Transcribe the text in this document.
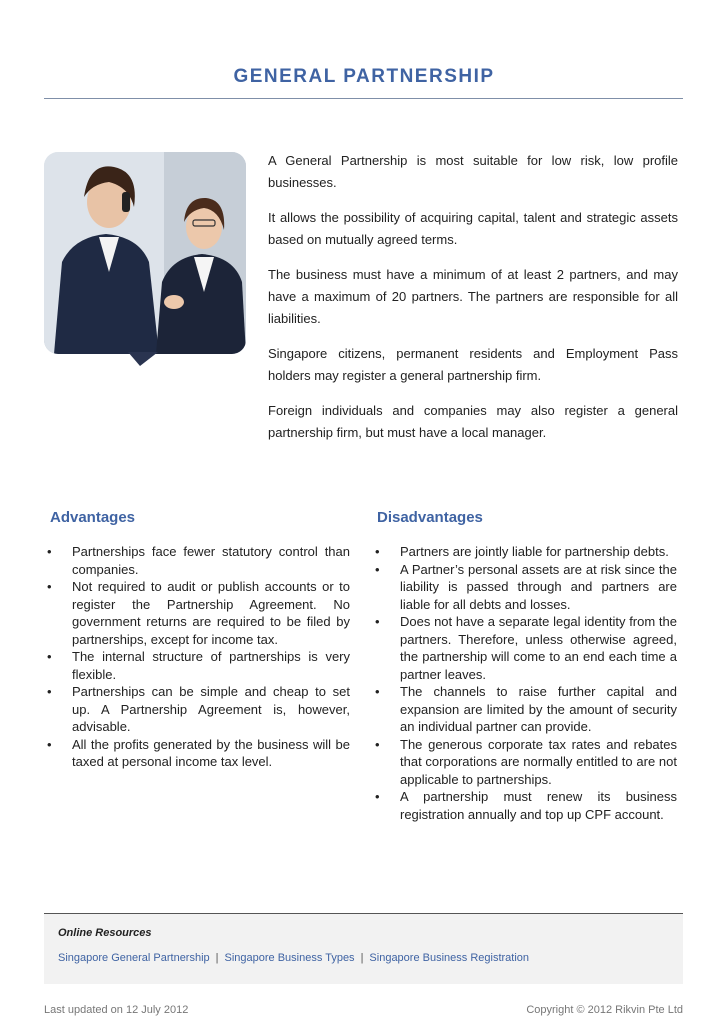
GENERAL PARTNERSHIP

A General Partnership is most suitable for low risk, low profile businesses.

It allows the possibility of acquiring capital, talent and strategic assets based on mutually agreed terms.

The business must have a minimum of at least 2 partners, and may have a maximum of 20 partners. The partners are responsible for all liabilities.

Singapore citizens, permanent residents and Employment Pass holders may register a general partnership firm.

Foreign individuals and companies may also register a general partnership firm, but must have a local manager.

Advantages
• Partnerships face fewer statutory control than companies.
• Not required to audit or publish accounts or to register the Partnership Agreement. No government returns are required to be filed by partnerships, except for income tax.
• The internal structure of partnerships is very flexible.
• Partnerships can be simple and cheap to set up. A Partnership Agreement is, however, advisable.
• All the profits generated by the business will be taxed at personal income tax level.
Disadvantages
• Partners are jointly liable for partnership debts.
• A Partner’s personal assets are at risk since the liability is passed through and partners are liable for all debts and losses.
• Does not have a separate legal identity from the partners. Therefore, unless otherwise agreed, the partnership will come to an end each time a partner leaves.
• The channels to raise further capital and expansion are limited by the amount of security an individual partner can provide.
• The generous corporate tax rates and rebates that corporations are normally entitled to are not applicable to partnerships.
• A partnership must renew its business registration annually and top up CPF account.
Online Resources
Singapore General Partnership | Singapore Business Types | Singapore Business Registration
Last updated on 12 July 2012	Copyright © 2012 Rikvin Pte Ltd
